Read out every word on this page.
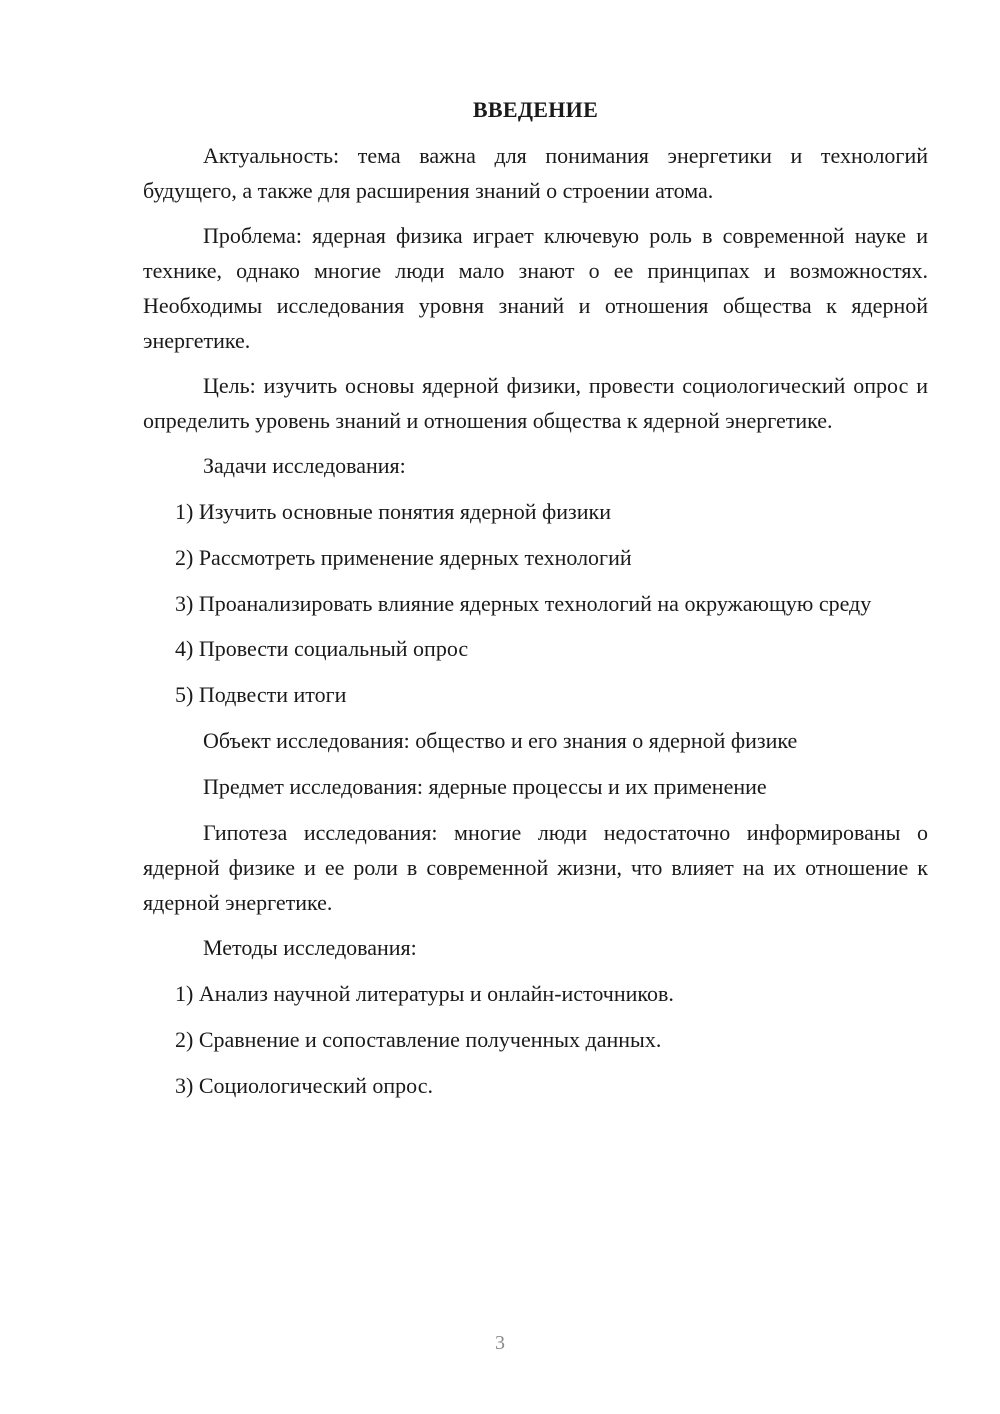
ВВЕДЕНИЕ

Актуальность: тема важна для понимания энергетики и технологий будущего, а также для расширения знаний о строении атома.

Проблема: ядерная физика играет ключевую роль в современной науке и технике, однако многие люди мало знают о ее принципах и возможностях. Необходимы исследования уровня знаний и отношения общества к ядерной энергетике.

Цель: изучить основы ядерной физики, провести социологический опрос и определить уровень знаний и отношения общества к ядерной энергетике.

Задачи исследования:

1) Изучить основные понятия ядерной физики

2) Рассмотреть применение ядерных технологий

3) Проанализировать влияние ядерных технологий на окружающую среду

4) Провести социальный опрос

5) Подвести итоги

Объект исследования: общество и его знания о ядерной физике

Предмет исследования: ядерные процессы и их применение

Гипотеза исследования: многие люди недостаточно информированы о ядерной физике и ее роли в современной жизни, что влияет на их отношение к ядерной энергетике.

Методы исследования:

1) Анализ научной литературы и онлайн-источников.

2) Сравнение и сопоставление полученных данных.

3) Социологический опрос.

3
